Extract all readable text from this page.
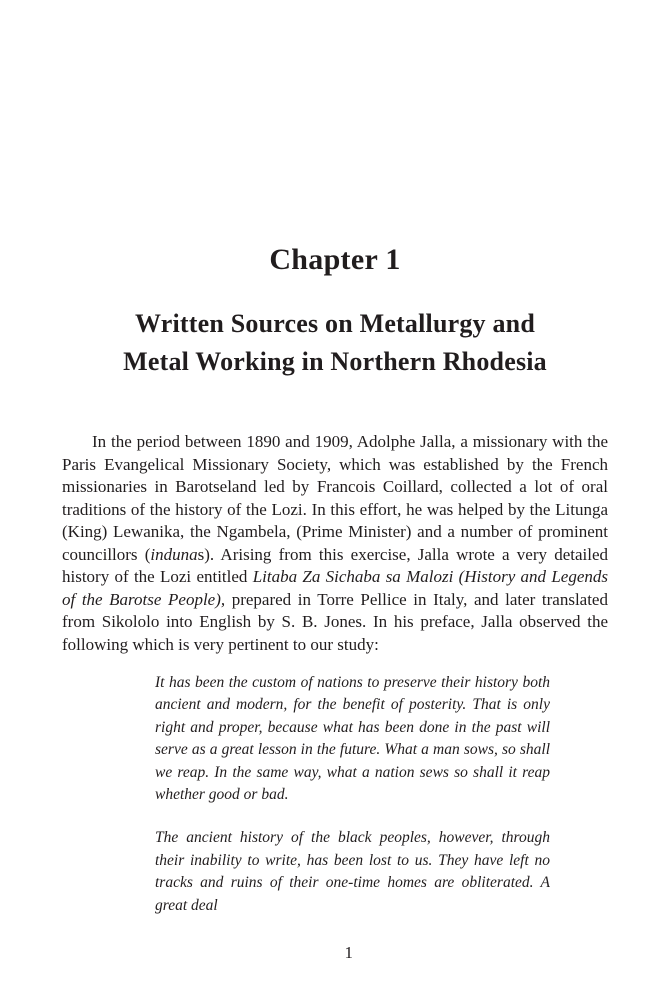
Chapter 1
Written Sources on Metallurgy and
Metal Working in Northern Rhodesia

In the period between 1890 and 1909, Adolphe Jalla, a missionary with the Paris Evangelical Missionary Society, which was established by the French missionaries in Barotseland led by Francois Coillard, collected a lot of oral traditions of the history of the Lozi. In this effort, he was helped by the Litunga (King) Lewanika, the Ngambela, (Prime Minister) and a number of prominent councillors (indunas). Arising from this exercise, Jalla wrote a very detailed history of the Lozi entitled Litaba Za Sichaba sa Malozi (History and Legends of the Barotse People), prepared in Torre Pellice in Italy, and later translated from Sikololo into English by S. B. Jones. In his preface, Jalla observed the following which is very pertinent to our study:

It has been the custom of nations to preserve their history both ancient and modern, for the benefit of posterity. That is only right and proper, because what has been done in the past will serve as a great lesson in the future. What a man sows, so shall we reap. In the same way, what a nation sews so shall it reap whether good or bad.
The ancient history of the black peoples, however, through their inability to write, has been lost to us. They have left no tracks and ruins of their one-time homes are obliterated. A great deal
1
